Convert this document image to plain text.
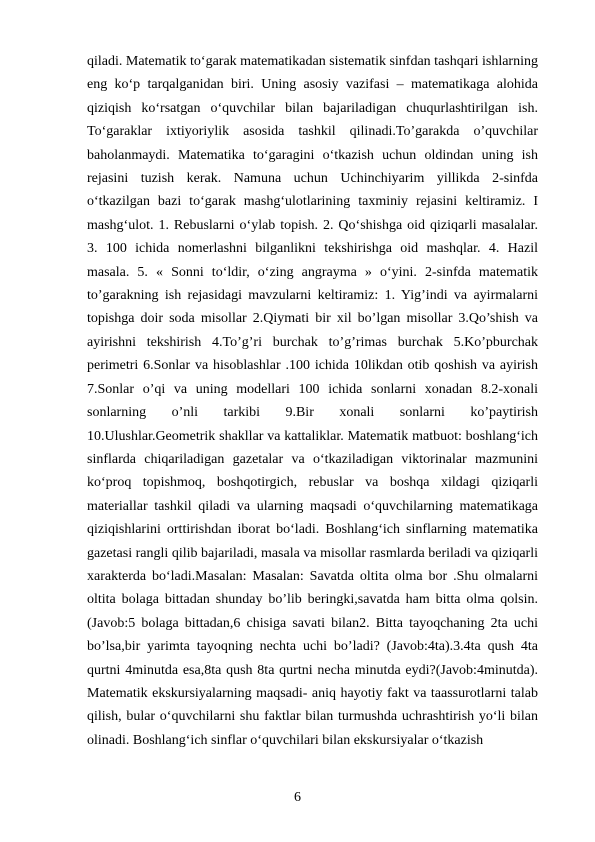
qiladi. Matematik to‘garak matematikadan sistematik sinfdan tashqari ishlarning eng ko‘p tarqalganidan biri. Uning asosiy vazifasi – matematikaga alohida qiziqish ko‘rsatgan o‘quvchilar bilan bajariladigan chuqurlashtirilgan ish. To‘garaklar ixtiyoriylik asosida tashkil qilinadi.To’garakda o’quvchilar baholanmaydi. Matematika to‘garagini o‘tkazish uchun oldindan uning ish rejasini tuzish kerak. Namuna uchun Uchinchiyarim yillikda 2-sinfda o‘tkazilgan bazi to‘garak mashg‘ulotlarining taxminiy rejasini keltiramiz. I mashg‘ulot. 1. Rebuslarni o‘ylab topish. 2. Qo‘shishga oid qiziqarli masalalar. 3. 100 ichida nomerlashni bilganlikni tekshirishga oid mashqlar. 4. Hazil masala. 5. « Sonni to‘ldir, o‘zing angrayma » o‘yini. 2-sinfda matematik to’garakning ish rejasidagi mavzularni keltiramiz: 1. Yig’indi va ayirmalarni topishga doir soda misollar 2.Qiymati bir xil bo’lgan misollar 3.Qo’shish va ayirishni tekshirish 4.To’g’ri burchak to’g’rimas burchak 5.Ko’pburchak perimetri 6.Sonlar va hisoblashlar .100 ichida 10likdan otib qoshish va ayirish 7.Sonlar o’qi va uning modellari 100 ichida sonlarni xonadan 8.2-xonali sonlarning o’nli tarkibi 9.Bir xonali sonlarni ko’paytirish 10.Ulushlar.Geometrik shakllar va kattaliklar. Matematik matbuot: boshlang‘ich sinflarda chiqariladigan gazetalar va o‘tkaziladigan viktorinalar mazmunini ko‘proq topishmoq, boshqotirgich, rebuslar va boshqa xildagi qiziqarli materiallar tashkil qiladi va ularning maqsadi o‘quvchilarning matematikaga qiziqishlarini orttirishdan iborat bo‘ladi. Boshlang‘ich sinflarning matematika gazetasi rangli qilib bajariladi, masala va misollar rasmlarda beriladi va qiziqarli xarakterda bo‘ladi.Masalan: Masalan: Savatda oltita olma bor .Shu olmalarni oltita bolaga bittadan shunday bo’lib beringki,savatda ham bitta olma qolsin.(Javob:5 bolaga bittadan,6 chisiga savati bilan2. Bitta tayoqchaning 2ta uchi bo’lsa,bir yarimta tayoqning nechta uchi bo’ladi? (Javob:4ta).3.4ta qush 4ta qurtni 4minutda esa,8ta qush 8ta qurtni necha minutda eydi?(Javob:4minutda). Matematik ekskursiyalarning maqsadi- aniq hayotiy fakt va taassurotlarni talab qilish, bular o‘quvchilarni shu faktlar bilan turmushda uchrashtirish yo‘li bilan olinadi. Boshlang‘ich sinflar o‘quvchilari bilan ekskursiyalar o‘tkazish

6
